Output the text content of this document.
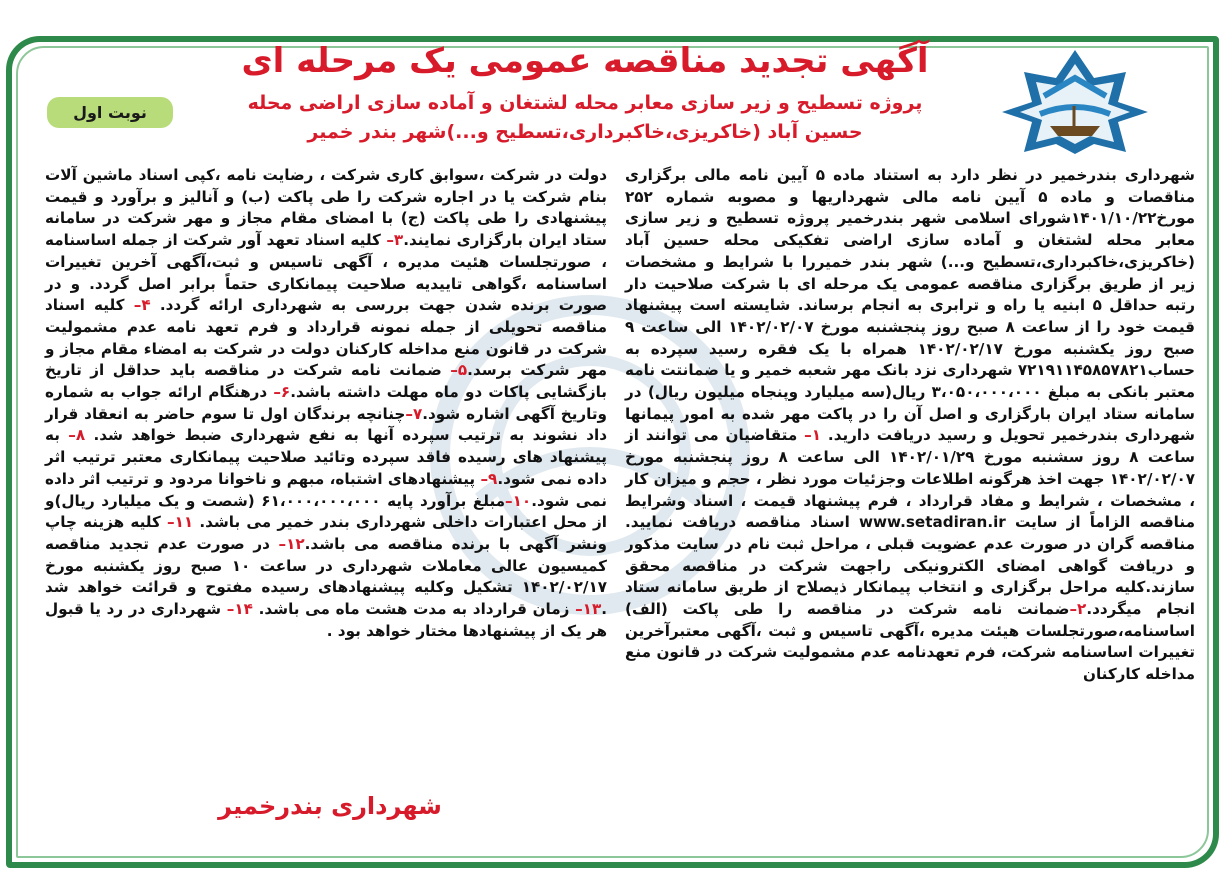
آگهی تجدید مناقصه عمومی یک مرحله ای

پروژه تسطیح و زیر سازی معابر محله لشتغان و آماده سازی اراضی محله

حسین آباد (خاکریزی،خاکبرداری،تسطیح و...)شهر بندر خمیر

نوبت اول
شهرداری بندرخمیر در نظر دارد به استناد ماده ۵ آیین نامه مالی برگزاری مناقصات و ماده ۵ آیین نامه مالی شهرداریها و مصوبه شماره ۲۵۲ مورخ۱۴۰۱/۱۰/۲۲شورای اسلامی شهر بندرخمیر پروژه تسطیح و زیر سازی معابر محله لشتغان و آماده سازی اراضی تفکیکی محله حسین آباد (خاکریزی،خاکبرداری،تسطیح و...) شهر بندر خمیررا با شرایط و مشخصات زیر از طریق برگزاری مناقصه عمومی یک مرحله ای با شرکت صلاحیت دار رتبه حداقل ۵ ابنیه یا راه و ترابری به انجام برساند. شایسته است پیشنهاد قیمت خود را از ساعت ۸ صبح روز پنجشنبه مورخ ۱۴۰۲/۰۲/۰۷ الی ساعت ۹ صبح روز یکشنبه مورخ ۱۴۰۲/۰۲/۱۷ همراه با یک فقره رسید سپرده به حساب۷۲۱۹۱۱۴۵۸۵۷۸۲۱ شهرداری نزد بانک مهر شعبه خمیر و یا ضمانتت نامه معتبر بانکی به مبلغ ۳،۰۵۰،۰۰۰،۰۰۰ ریال(سه میلیارد وپنجاه میلیون ریال) در سامانه ستاد ایران بارگزاری و اصل آن را در پاکت مهر شده به امور پیمانها شهرداری بندرخمیر تحویل و رسید دریافت دارید. ۱– متقاضیان می توانند از ساعت ۸ روز سشنبه مورخ ۱۴۰۲/۰۱/۲۹ الی ساعت ۸ روز پنجشنبه مورخ ۱۴۰۲/۰۲/۰۷ جهت اخذ هرگونه اطلاعات وجزئیات مورد نظر ، حجم و میزان کار ، مشخصات ، شرایط و مفاد قرارداد ، فرم پیشنهاد قیمت ، اسناد وشرایط مناقصه الزاماً از سایت www.setadiran.ir اسناد مناقصه دریافت نمایید. مناقصه گران در صورت عدم عضویت قبلی ، مراحل ثبت نام در سایت مذکور و دریافت گواهی امضای الکترونیکی راجهت شرکت در مناقصه محقق سازند.کلیه مراحل برگزاری و انتخاب پیمانکار ذیصلاح از طریق سامانه ستاد انجام میگردد.۲–ضمانت نامه شرکت در مناقصه را طی پاکت (الف) اساسنامه،صورتجلسات هیئت مدیره ،آگهی تاسیس و ثبت ،آگهی معتبرآخرین تغییرات اساسنامه شرکت، فرم تعهدنامه عدم مشمولیت شرکت در قانون منع مداخله کارکنان
دولت در شرکت ،سوابق کاری شرکت ، رضایت نامه ،کپی اسناد ماشین آلات بنام شرکت یا در اجاره شرکت را طی پاکت (ب) و آنالیز و برآورد و قیمت پیشنهادی را طی پاکت (ج) با امضای مقام مجاز و مهر شرکت در سامانه ستاد ایران بارگزاری نمایند.۳– کلیه اسناد تعهد آور شرکت از جمله اساسنامه ، صورتجلسات هئیت مدیره ، آگهی تاسیس و ثبت،آگهی آخرین تغییرات اساسنامه ،گواهی تاییدیه صلاحیت پیمانکاری حتماً برابر اصل گردد. و در صورت برنده شدن جهت بررسی به شهرداری ارائه گردد. ۴– کلیه اسناد مناقصه تحویلی از جمله نمونه قرارداد و فرم تعهد نامه عدم مشمولیت شرکت در قانون منع مداخله کارکنان دولت در شرکت به امضاء مقام مجاز و مهر شرکت برسد.۵– ضمانت نامه شرکت در مناقصه باید حداقل از تاریخ بازگشایی پاکات دو ماه مهلت داشته باشد.۶– درهنگام ارائه جواب به شماره وتاریخ آگهی اشاره شود.۷–چنانچه برندگان اول تا سوم حاضر به انعقاد قرار داد نشوند به ترتیب سپرده آنها به نفع شهرداری ضبط خواهد شد. ۸– به پیشنهاد های رسیده فاقد سپرده وتائید صلاحیت پیمانکاری معتبر ترتیب اثر داده نمی شود.۹– پیشنهادهای اشتباه، مبهم و ناخوانا مردود و ترتیب اثر داده نمی شود.۱۰–مبلغ برآورد پایه ۶۱،۰۰۰،۰۰۰،۰۰۰ (شصت و یک میلیارد ریال)و از محل اعتبارات داخلی شهرداری بندر خمیر می باشد. ۱۱– کلیه هزینه چاپ ونشر آگهی با برنده مناقصه می باشد.۱۲– در صورت عدم تجدید مناقصه کمیسیون عالی معاملات شهرداری در ساعت ۱۰ صبح روز یکشنبه مورخ ۱۴۰۲/۰۲/۱۷ تشکیل وکلیه پیشنهادهای رسیده مفتوح و قرائت خواهد شد .۱۳– زمان قرارداد به مدت هشت ماه می باشد. ۱۴– شهرداری در رد یا قبول هر یک از پیشنهادها مختار خواهد بود .
شهرداری بندرخمیر
